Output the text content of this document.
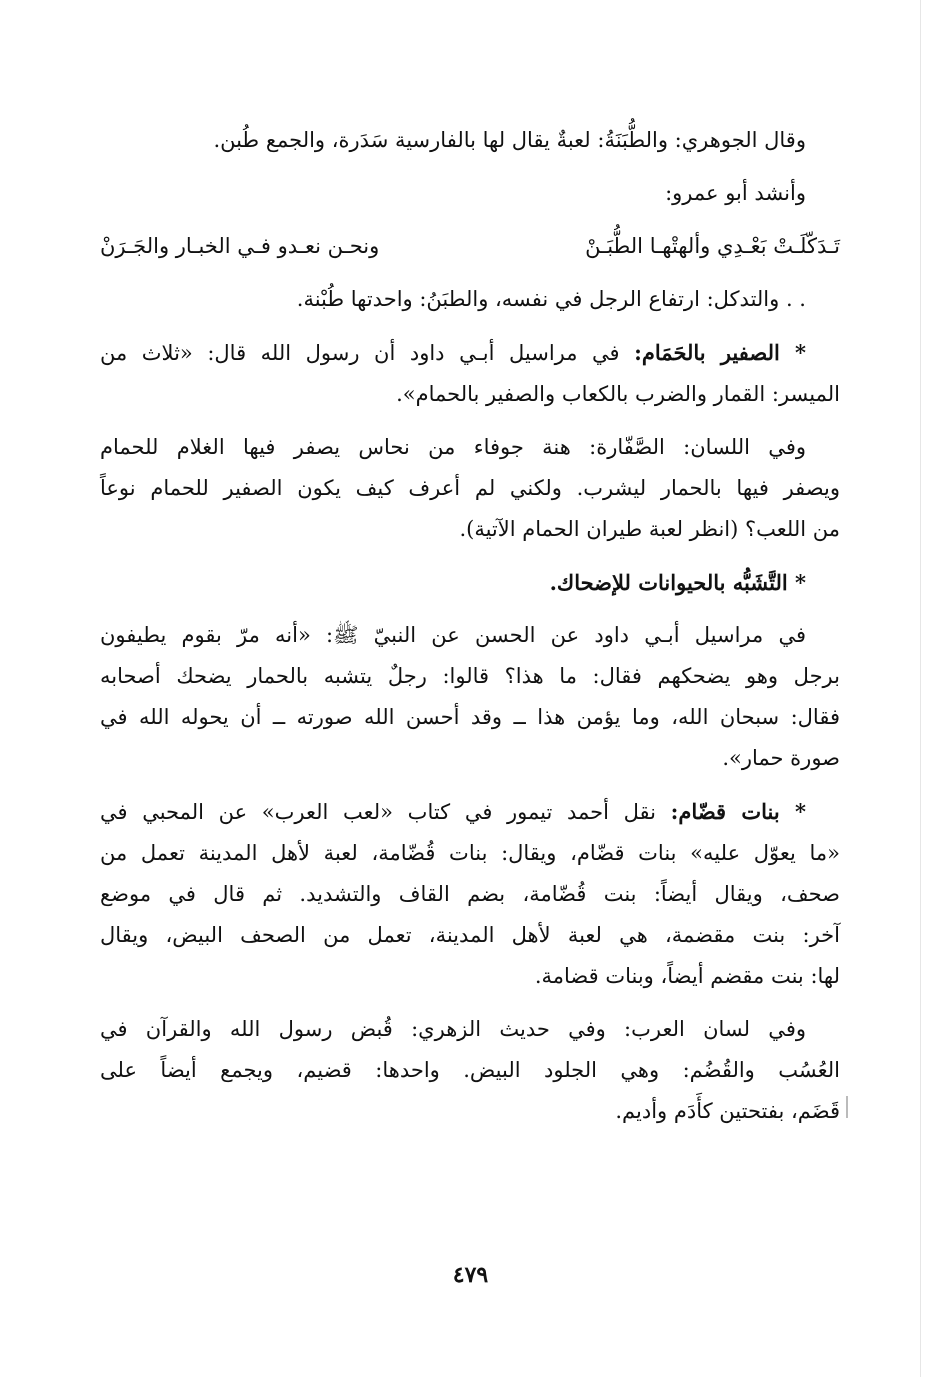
وقال الجوهري: والطُّبَنَةُ: لعبةٌ يقال لها بالفارسية سَدَرة، والجمع طُبن.

وأنشد أبو عمرو:

تَـدَكّلَـتْ بَعْـدِي وألهتْهـا الطُّبَـنْ
ونحـن نعـدو فـي الخبـار والجَـرَنْ

. . والتدكل: ارتفاع الرجل في نفسه، والطبَنُ: واحدتها طُبْنة.

* الصفير بالحَمَام: في مراسيل أبـي داود أن رسول الله قال: «ثلاث من
الميسر: القمار والضرب بالكعاب والصفير بالحمام».

وفي اللسان: الصَّفّارة: هنة جوفاء من نحاس يصفر فيها الغلام للحمام
ويصفر فيها بالحمار ليشرب. ولكني لم أعرف كيف يكون الصفير للحمام نوعاً
من اللعب؟ (انظر لعبة طيران الحمام الآتية).

* التَّشَبُّه بالحيوانات للإضحاك.

في مراسيل أبـي داود عن الحسن عن النبيّ ﷺ: «أنه مرّ بقوم يطيفون
برجل وهو يضحكهم فقال: ما هذا؟ قالوا: رجلٌ يتشبه بالحمار يضحك أصحابه
فقال: سبحان الله، وما يؤمن هذا ــ وقد أحسن الله صورته ــ أن يحوله الله في
صورة حمار».

* بنات قضّام: نقل أحمد تيمور في كتاب «لعب العرب» عن المحبي في
«ما يعوّل عليه» بنات قضّام، ويقال: بنات قُضّامة، لعبة لأهل المدينة تعمل من
صحف، ويقال أيضاً: بنت قُضّامة، بضم القاف والتشديد. ثم قال في موضع
آخر: بنت مقضمة، هي لعبة لأهل المدينة، تعمل من الصحف البيض، ويقال
لها: بنت مقضم أيضاً، وبنات قضامة.

وفي لسان العرب: وفي حديث الزهري: قُبض رسول الله والقرآن في
العُسُب والقُضُم: وهي الجلود البيض. واحدها: قضيم، ويجمع أيضاً على
قَضَم، بفتحتين كأَدَم وأديم.

٤٧٩
